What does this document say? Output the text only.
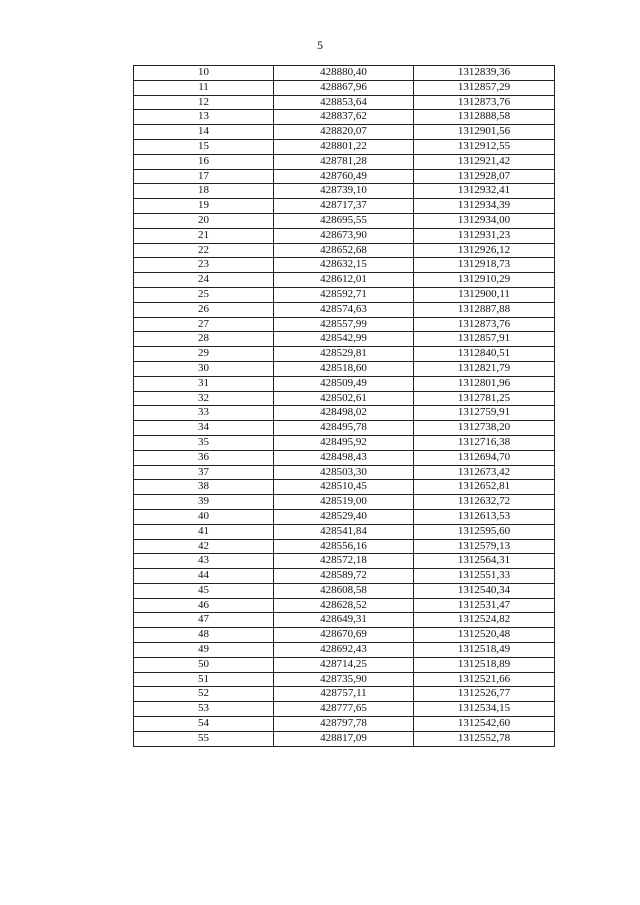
5
10	428880,40	1312839,36
11	428867,96	1312857,29
12	428853,64	1312873,76
13	428837,62	1312888,58
14	428820,07	1312901,56
15	428801,22	1312912,55
16	428781,28	1312921,42
17	428760,49	1312928,07
18	428739,10	1312932,41
19	428717,37	1312934,39
20	428695,55	1312934,00
21	428673,90	1312931,23
22	428652,68	1312926,12
23	428632,15	1312918,73
24	428612,01	1312910,29
25	428592,71	1312900,11
26	428574,63	1312887,88
27	428557,99	1312873,76
28	428542,99	1312857,91
29	428529,81	1312840,51
30	428518,60	1312821,79
31	428509,49	1312801,96
32	428502,61	1312781,25
33	428498,02	1312759,91
34	428495,78	1312738,20
35	428495,92	1312716,38
36	428498,43	1312694,70
37	428503,30	1312673,42
38	428510,45	1312652,81
39	428519,00	1312632,72
40	428529,40	1312613,53
41	428541,84	1312595,60
42	428556,16	1312579,13
43	428572,18	1312564,31
44	428589,72	1312551,33
45	428608,58	1312540,34
46	428628,52	1312531,47
47	428649,31	1312524,82
48	428670,69	1312520,48
49	428692,43	1312518,49
50	428714,25	1312518,89
51	428735,90	1312521,66
52	428757,11	1312526,77
53	428777,65	1312534,15
54	428797,78	1312542,60
55	428817,09	1312552,78
